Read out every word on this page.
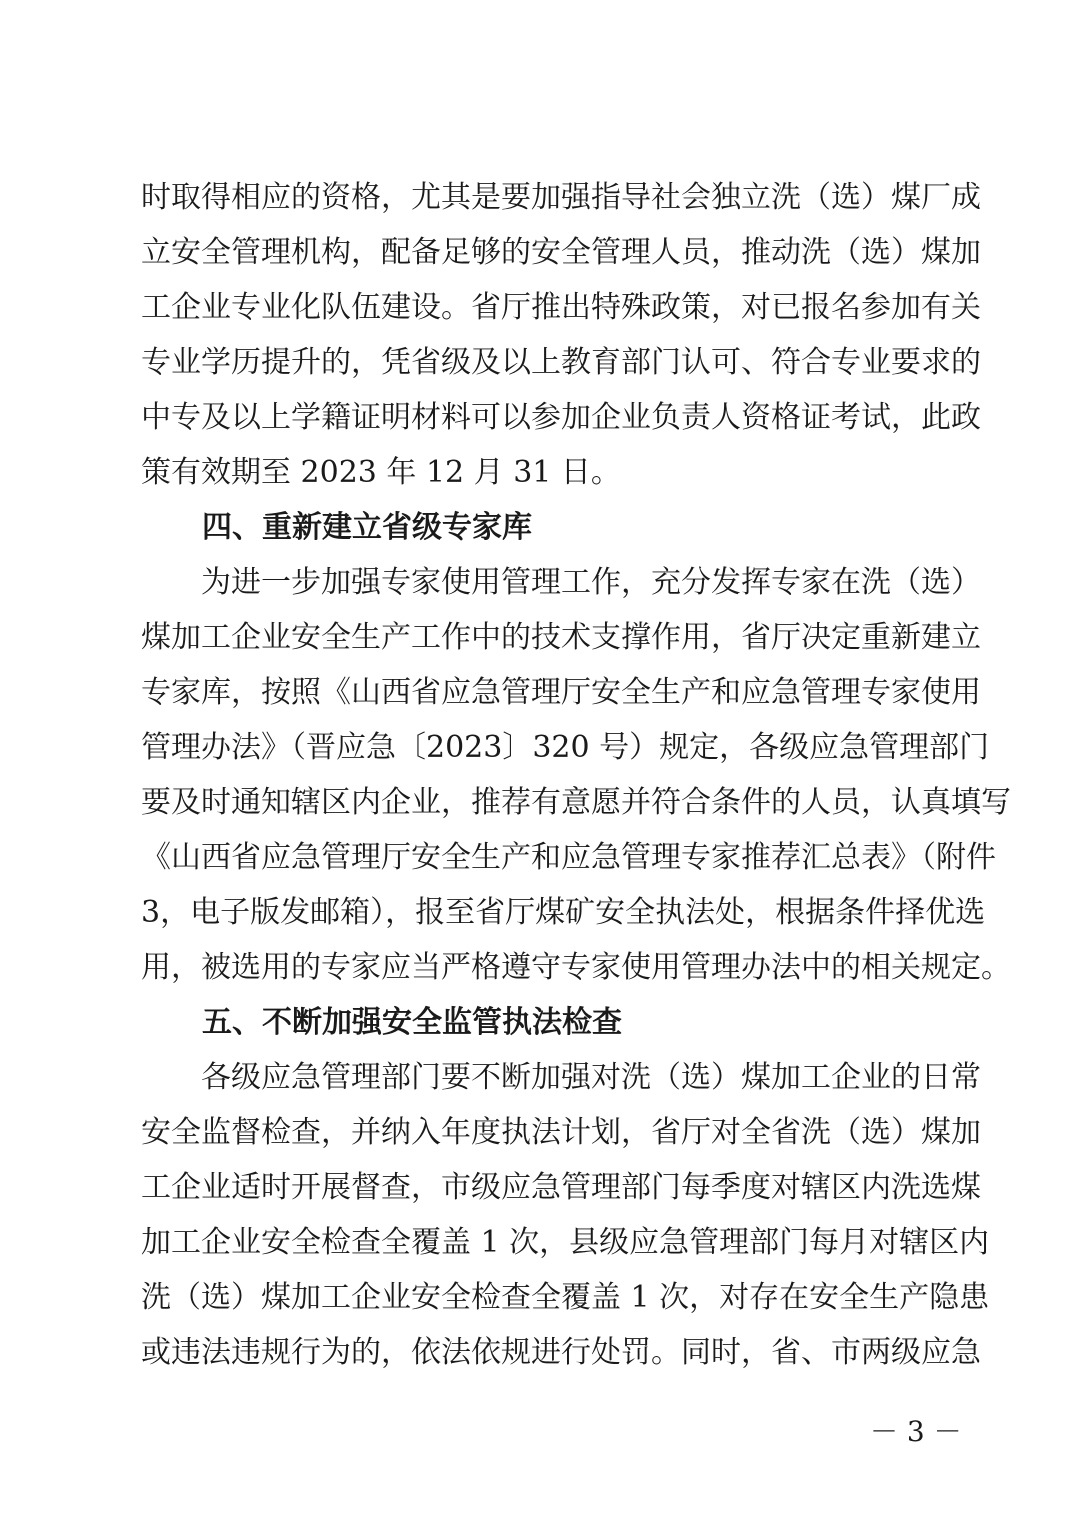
时取得相应的资格，尤其是要加强指导社会独立洗（选）煤厂成
立安全管理机构，配备足够的安全管理人员，推动洗（选）煤加
工企业专业化队伍建设。省厅推出特殊政策，对已报名参加有关
专业学历提升的，凭省级及以上教育部门认可、符合专业要求的
中专及以上学籍证明材料可以参加企业负责人资格证考试，此政
策有效期至 2023 年 12 月 31 日。
四、重新建立省级专家库
　　为进一步加强专家使用管理工作，充分发挥专家在洗（选）
煤加工企业安全生产工作中的技术支撑作用，省厅决定重新建立
专家库，按照《山西省应急管理厅安全生产和应急管理专家使用
管理办法》（晋应急〔2023〕320 号）规定，各级应急管理部门
要及时通知辖区内企业，推荐有意愿并符合条件的人员，认真填写
《山西省应急管理厅安全生产和应急管理专家推荐汇总表》（附件
3，电子版发邮箱），报至省厅煤矿安全执法处，根据条件择优选
用，被选用的专家应当严格遵守专家使用管理办法中的相关规定。
五、不断加强安全监管执法检查
　　各级应急管理部门要不断加强对洗（选）煤加工企业的日常
安全监督检查，并纳入年度执法计划，省厅对全省洗（选）煤加
工企业适时开展督查，市级应急管理部门每季度对辖区内洗选煤
加工企业安全检查全覆盖 1 次，县级应急管理部门每月对辖区内
洗（选）煤加工企业安全检查全覆盖 1 次，对存在安全生产隐患
或违法违规行为的，依法依规进行处罚。同时，省、市两级应急
－ 3 －
